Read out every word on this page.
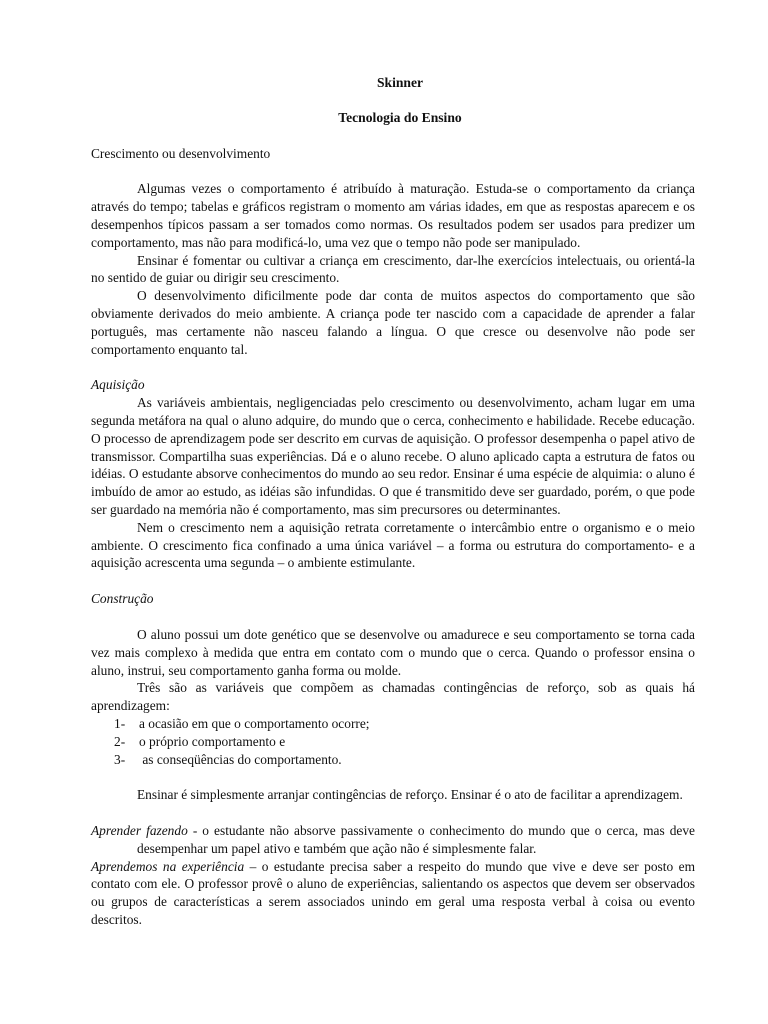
Skinner
Tecnologia do Ensino

Crescimento ou desenvolvimento

Algumas vezes o comportamento é atribuído à maturação. Estuda-se o comportamento da criança através do tempo; tabelas e gráficos registram o momento am várias idades, em que as respostas aparecem e os desempenhos típicos passam a ser tomados como normas. Os resultados podem ser usados para predizer um comportamento, mas não para modificá-lo, uma vez que o tempo não pode ser manipulado.

Ensinar é fomentar ou cultivar a criança em crescimento, dar-lhe exercícios intelectuais, ou orientá-la no sentido de guiar ou dirigir seu crescimento.

O desenvolvimento dificilmente pode dar conta de muitos aspectos do comportamento que são obviamente derivados do meio ambiente. A criança pode ter nascido com a capacidade de aprender a falar português, mas certamente não nasceu falando a língua. O que cresce ou desenvolve não pode ser comportamento enquanto tal.

Aquisição

As variáveis ambientais, negligenciadas pelo crescimento ou desenvolvimento, acham lugar em uma segunda metáfora na qual o aluno adquire, do mundo que o cerca, conhecimento e habilidade. Recebe educação. O processo de aprendizagem pode ser descrito em curvas de aquisição. O professor desempenha o papel ativo de transmissor. Compartilha suas experiências. Dá e o aluno recebe. O aluno aplicado capta a estrutura de fatos ou idéias. O estudante absorve conhecimentos do mundo ao seu redor. Ensinar é uma espécie de alquimia: o aluno é imbuído de amor ao estudo, as idéias são infundidas. O que é transmitido deve ser guardado, porém, o que pode ser guardado na memória não é comportamento, mas sim precursores ou determinantes.

Nem o crescimento nem a aquisição retrata corretamente o intercâmbio entre o organismo e o meio ambiente. O crescimento fica confinado a uma única variável – a forma ou estrutura do comportamento- e a aquisição acrescenta uma segunda – o ambiente estimulante.

Construção

O aluno possui um dote genético que se desenvolve ou amadurece e seu comportamento se torna cada vez mais complexo à medida que entra em contato com o mundo que o cerca. Quando o professor ensina o aluno, instrui, seu comportamento ganha forma ou molde.

Três são as variáveis que compõem as chamadas contingências de reforço, sob as quais há aprendizagem:

1-	a ocasião em que o comportamento ocorre;
2-	o próprio comportamento e
3-	as conseqüências do comportamento.

Ensinar é simplesmente arranjar contingências de reforço. Ensinar é o ato de facilitar a aprendizagem.

Aprender fazendo - o estudante não absorve passivamente o conhecimento do mundo que o cerca, mas deve desempenhar um papel ativo e também que ação não é simplesmente falar.

Aprendemos na experiência – o estudante precisa saber a respeito do mundo que vive e deve ser posto em contato com ele. O professor provê o aluno de experiências, salientando os aspectos que devem ser observados ou grupos de características a serem associados unindo em geral uma resposta verbal à coisa ou evento descritos.
